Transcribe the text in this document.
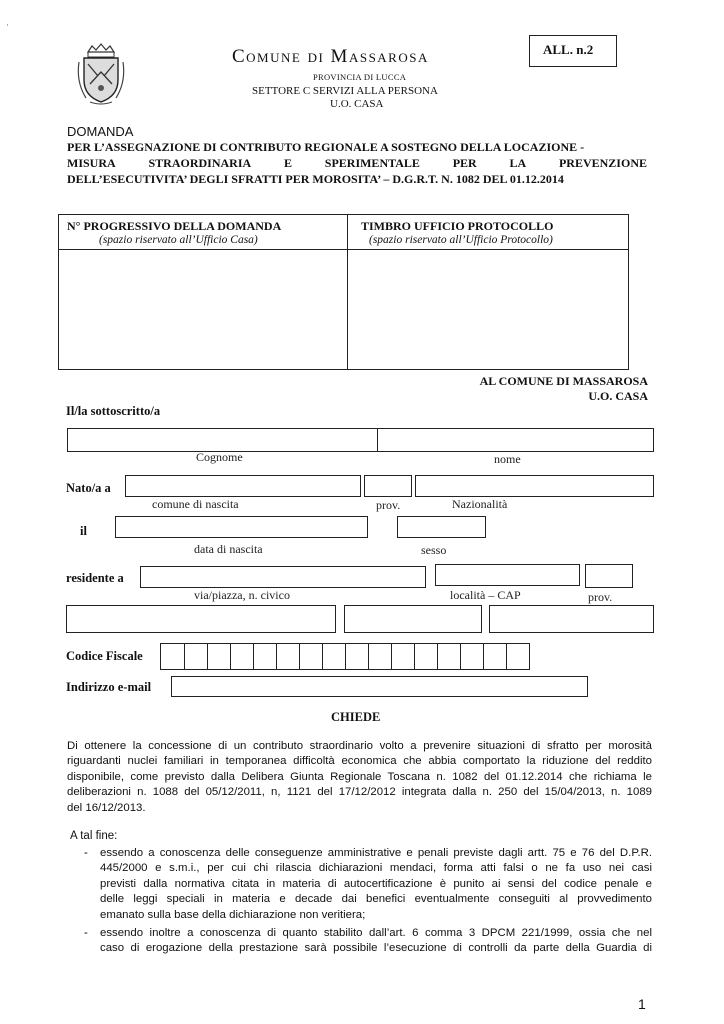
Comune di Massarosa
PROVINCIA DI LUCCA
SETTORE C SERVIZI ALLA PERSONA
U.O. CASA
ALL. n.2
·
DOMANDA
PER L’ASSEGNAZIONE DI CONTRIBUTO REGIONALE A SOSTEGNO DELLA LOCAZIONE -
MISURA	STRAORDINARIA	E	SPERIMENTALE	PER	LA	PREVENZIONE
DELL’ESECUTIVITA’ DEGLI SFRATTI PER MOROSITA’ – D.G.R.T. N. 1082 DEL 01.12.2014
N° PROGRESSIVO DELLA DOMANDA
(spazio riservato all’Ufficio Casa)
TIMBRO UFFICIO PROTOCOLLO
(spazio riservato all’Ufficio Protocollo)
AL COMUNE DI MASSAROSA
U.O. CASA
Il/la sottoscritto/a
Cognome	nome
Nato/a a
comune di nascita	prov.	Nazionalità
il
data di nascita	sesso
residente a
via/piazza, n. civico	località – CAP	prov.
Codice Fiscale
Indirizzo e-mail
CHIEDE
Di ottenere la concessione di un contributo straordinario volto a prevenire situazioni di sfratto per morosità
riguardanti nuclei familiari in temporanea difficoltà economica che abbia comportato la riduzione del reddito
disponibile, come previsto dalla Delibera Giunta Regionale Toscana n. 1082 del 01.12.2014 che richiama le
deliberazioni n. 1088 del 05/12/2011, n, 1121 del 17/12/2012 integrata dalla n. 250 del 15/04/2013, n. 1089
del 16/12/2013.
A tal fine:
- essendo a conoscenza delle conseguenze amministrative e penali previste dagli artt. 75 e 76 del D.P.R.
445/2000 e s.m.i., per cui chi rilascia dichiarazioni mendaci, forma atti falsi o ne fa uso nei casi
previsti dalla normativa citata in materia di autocertificazione è punito ai sensi del codice penale e
delle leggi speciali in materia e decade dai benefici eventualmente conseguiti al provvedimento
emanato sulla base della dichiarazione non veritiera;
- essendo inoltre a conoscenza di quanto stabilito dall’art. 6 comma 3 DPCM 221/1999, ossia che nel
caso di erogazione della prestazione sarà possibile l’esecuzione di controlli da parte della Guardia di
1
